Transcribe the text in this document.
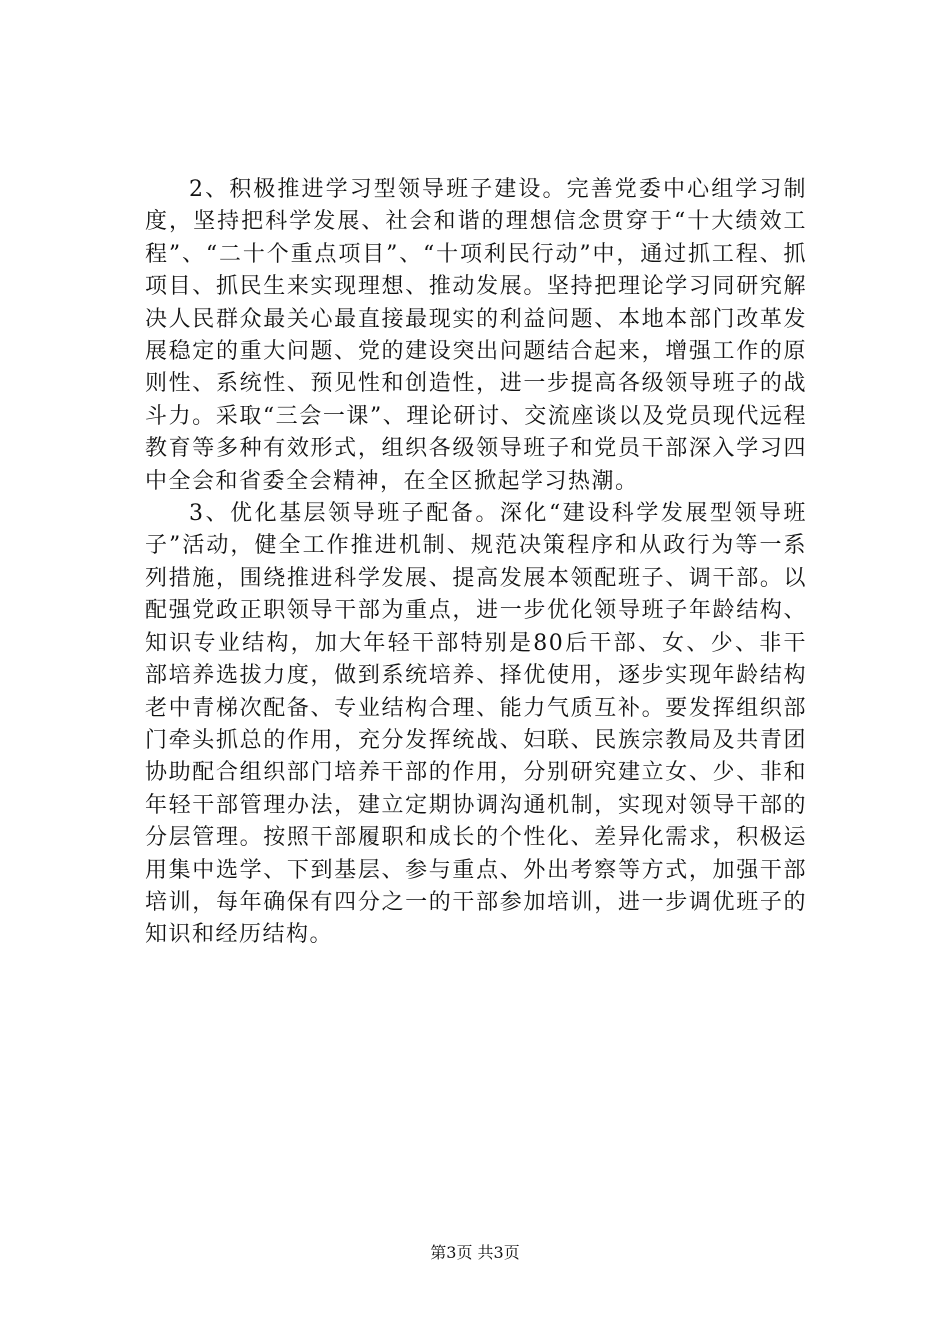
2、积极推进学习型领导班子建设。完善党委中心组学习制度，坚持把科学发展、社会和谐的理想信念贯穿于“十大绩效工程”、“二十个重点项目”、“十项利民行动”中，通过抓工程、抓项目、抓民生来实现理想、推动发展。坚持把理论学习同研究解决人民群众最关心最直接最现实的利益问题、本地本部门改革发展稳定的重大问题、党的建设突出问题结合起来，增强工作的原则性、系统性、预见性和创造性，进一步提高各级领导班子的战斗力。采取“三会一课”、理论研讨、交流座谈以及党员现代远程教育等多种有效形式，组织各级领导班子和党员干部深入学习四中全会和省委全会精神，在全区掀起学习热潮。

3、优化基层领导班子配备。深化“建设科学发展型领导班子”活动，健全工作推进机制、规范决策程序和从政行为等一系列措施，围绕推进科学发展、提高发展本领配班子、调干部。以配强党政正职领导干部为重点，进一步优化领导班子年龄结构、知识专业结构，加大年轻干部特别是80后干部、女、少、非干部培养选拔力度，做到系统培养、择优使用，逐步实现年龄结构老中青梯次配备、专业结构合理、能力气质互补。要发挥组织部门牵头抓总的作用，充分发挥统战、妇联、民族宗教局及共青团协助配合组织部门培养干部的作用，分别研究建立女、少、非和年轻干部管理办法，建立定期协调沟通机制，实现对领导干部的分层管理。按照干部履职和成长的个性化、差异化需求，积极运用集中选学、下到基层、参与重点、外出考察等方式，加强干部培训，每年确保有四分之一的干部参加培训，进一步调优班子的知识和经历结构。

第3页 共3页
